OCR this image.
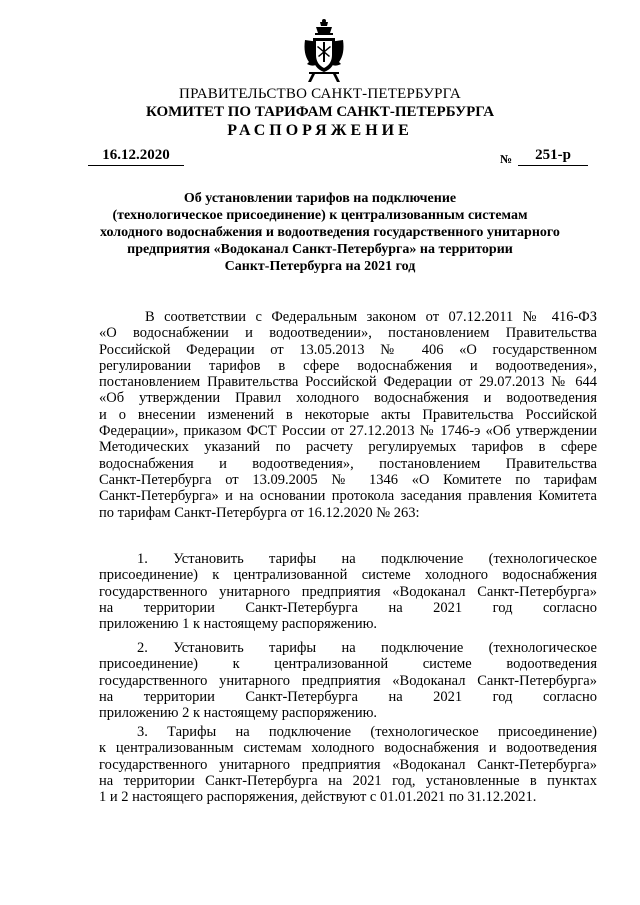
ПРАВИТЕЛЬСТВО САНКТ-ПЕТЕРБУРГА
КОМИТЕТ ПО ТАРИФАМ САНКТ-ПЕТЕРБУРГА
РАСПОРЯЖЕНИЕ
16.12.2020	№	251-р
Об установлении тарифов на подключение
(технологическое присоединение) к централизованным системам
холодного водоснабжения и водоотведения государственного унитарного
предприятия «Водоканал Санкт-Петербурга» на территории
Санкт-Петербурга на 2021 год
В соответствии с Федеральным законом от 07.12.2011 № 416-ФЗ
«О водоснабжении и водоотведении», постановлением Правительства
Российской Федерации от 13.05.2013 № 406 «О государственном
регулировании тарифов в сфере водоснабжения и водоотведения»,
постановлением Правительства Российской Федерации от 29.07.2013 № 644
«Об утверждении Правил холодного водоснабжения и водоотведения
и о внесении изменений в некоторые акты Правительства Российской
Федерации», приказом ФСТ России от 27.12.2013 № 1746-э «Об утверждении
Методических указаний по расчету регулируемых тарифов в сфере
водоснабжения и водоотведения», постановлением Правительства
Санкт-Петербурга от 13.09.2005 № 1346 «О Комитете по тарифам
Санкт-Петербурга» и на основании протокола заседания правления Комитета
по тарифам Санкт-Петербурга от 16.12.2020 № 263:
1. Установить тарифы на подключение (технологическое
присоединение) к централизованной системе холодного водоснабжения
государственного унитарного предприятия «Водоканал Санкт-Петербурга»
на территории Санкт-Петербурга на 2021 год согласно
приложению 1 к настоящему распоряжению.
2. Установить тарифы на подключение (технологическое
присоединение) к централизованной системе водоотведения
государственного унитарного предприятия «Водоканал Санкт-Петербурга»
на территории Санкт-Петербурга на 2021 год согласно
приложению 2 к настоящему распоряжению.
3. Тарифы на подключение (технологическое присоединение)
к централизованным системам холодного водоснабжения и водоотведения
государственного унитарного предприятия «Водоканал Санкт-Петербурга»
на территории Санкт-Петербурга на 2021 год, установленные в пунктах
1 и 2 настоящего распоряжения, действуют с 01.01.2021 по 31.12.2021.
